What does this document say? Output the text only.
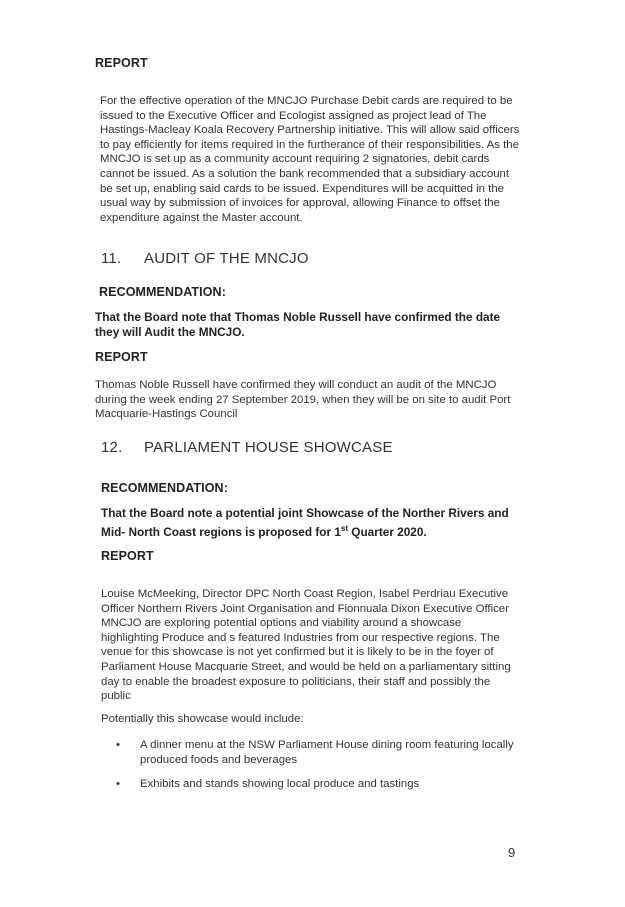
REPORT

For the effective operation of the MNCJO Purchase Debit cards are required to be issued to the Executive Officer and Ecologist assigned as project lead of The Hastings-Macleay Koala Recovery Partnership initiative. This will allow said officers to pay efficiently for items required in the furtherance of their responsibilities. As the MNCJO is set up as a community account requiring 2 signatories, debit cards cannot be issued. As a solution the bank recommended that a subsidiary account be set up, enabling said cards to be issued. Expenditures will be acquitted in the usual way by submission of invoices for approval, allowing Finance to offset the expenditure against the Master account.

11. AUDIT OF THE MNCJO

RECOMMENDATION:

That the Board note that Thomas Noble Russell have confirmed the date they will Audit the MNCJO.

REPORT

Thomas Noble Russell have confirmed they will conduct an audit of the MNCJO during the week ending 27 September 2019, when they will be on site to audit Port Macquarie-Hastings Council

12. PARLIAMENT HOUSE SHOWCASE

RECOMMENDATION:

That the Board note a potential joint Showcase of the Norther Rivers and Mid- North Coast regions is proposed for 1st Quarter 2020.

REPORT

Louise McMeeking, Director DPC North Coast Region, Isabel Perdriau Executive Officer Northern Rivers Joint Organisation and Fionnuala Dixon Executive Officer MNCJO are exploring potential options and viability around a showcase highlighting Produce and s featured Industries from our respective regions. The venue for this showcase is not yet confirmed but it is likely to be in the foyer of Parliament House Macquarie Street, and would be held on a parliamentary sitting day to enable the broadest exposure to politicians, their staff and possibly the public

Potentially this showcase would include:

• A dinner menu at the NSW Parliament House dining room featuring locally produced foods and beverages
• Exhibits and stands showing local produce and tastings

9
